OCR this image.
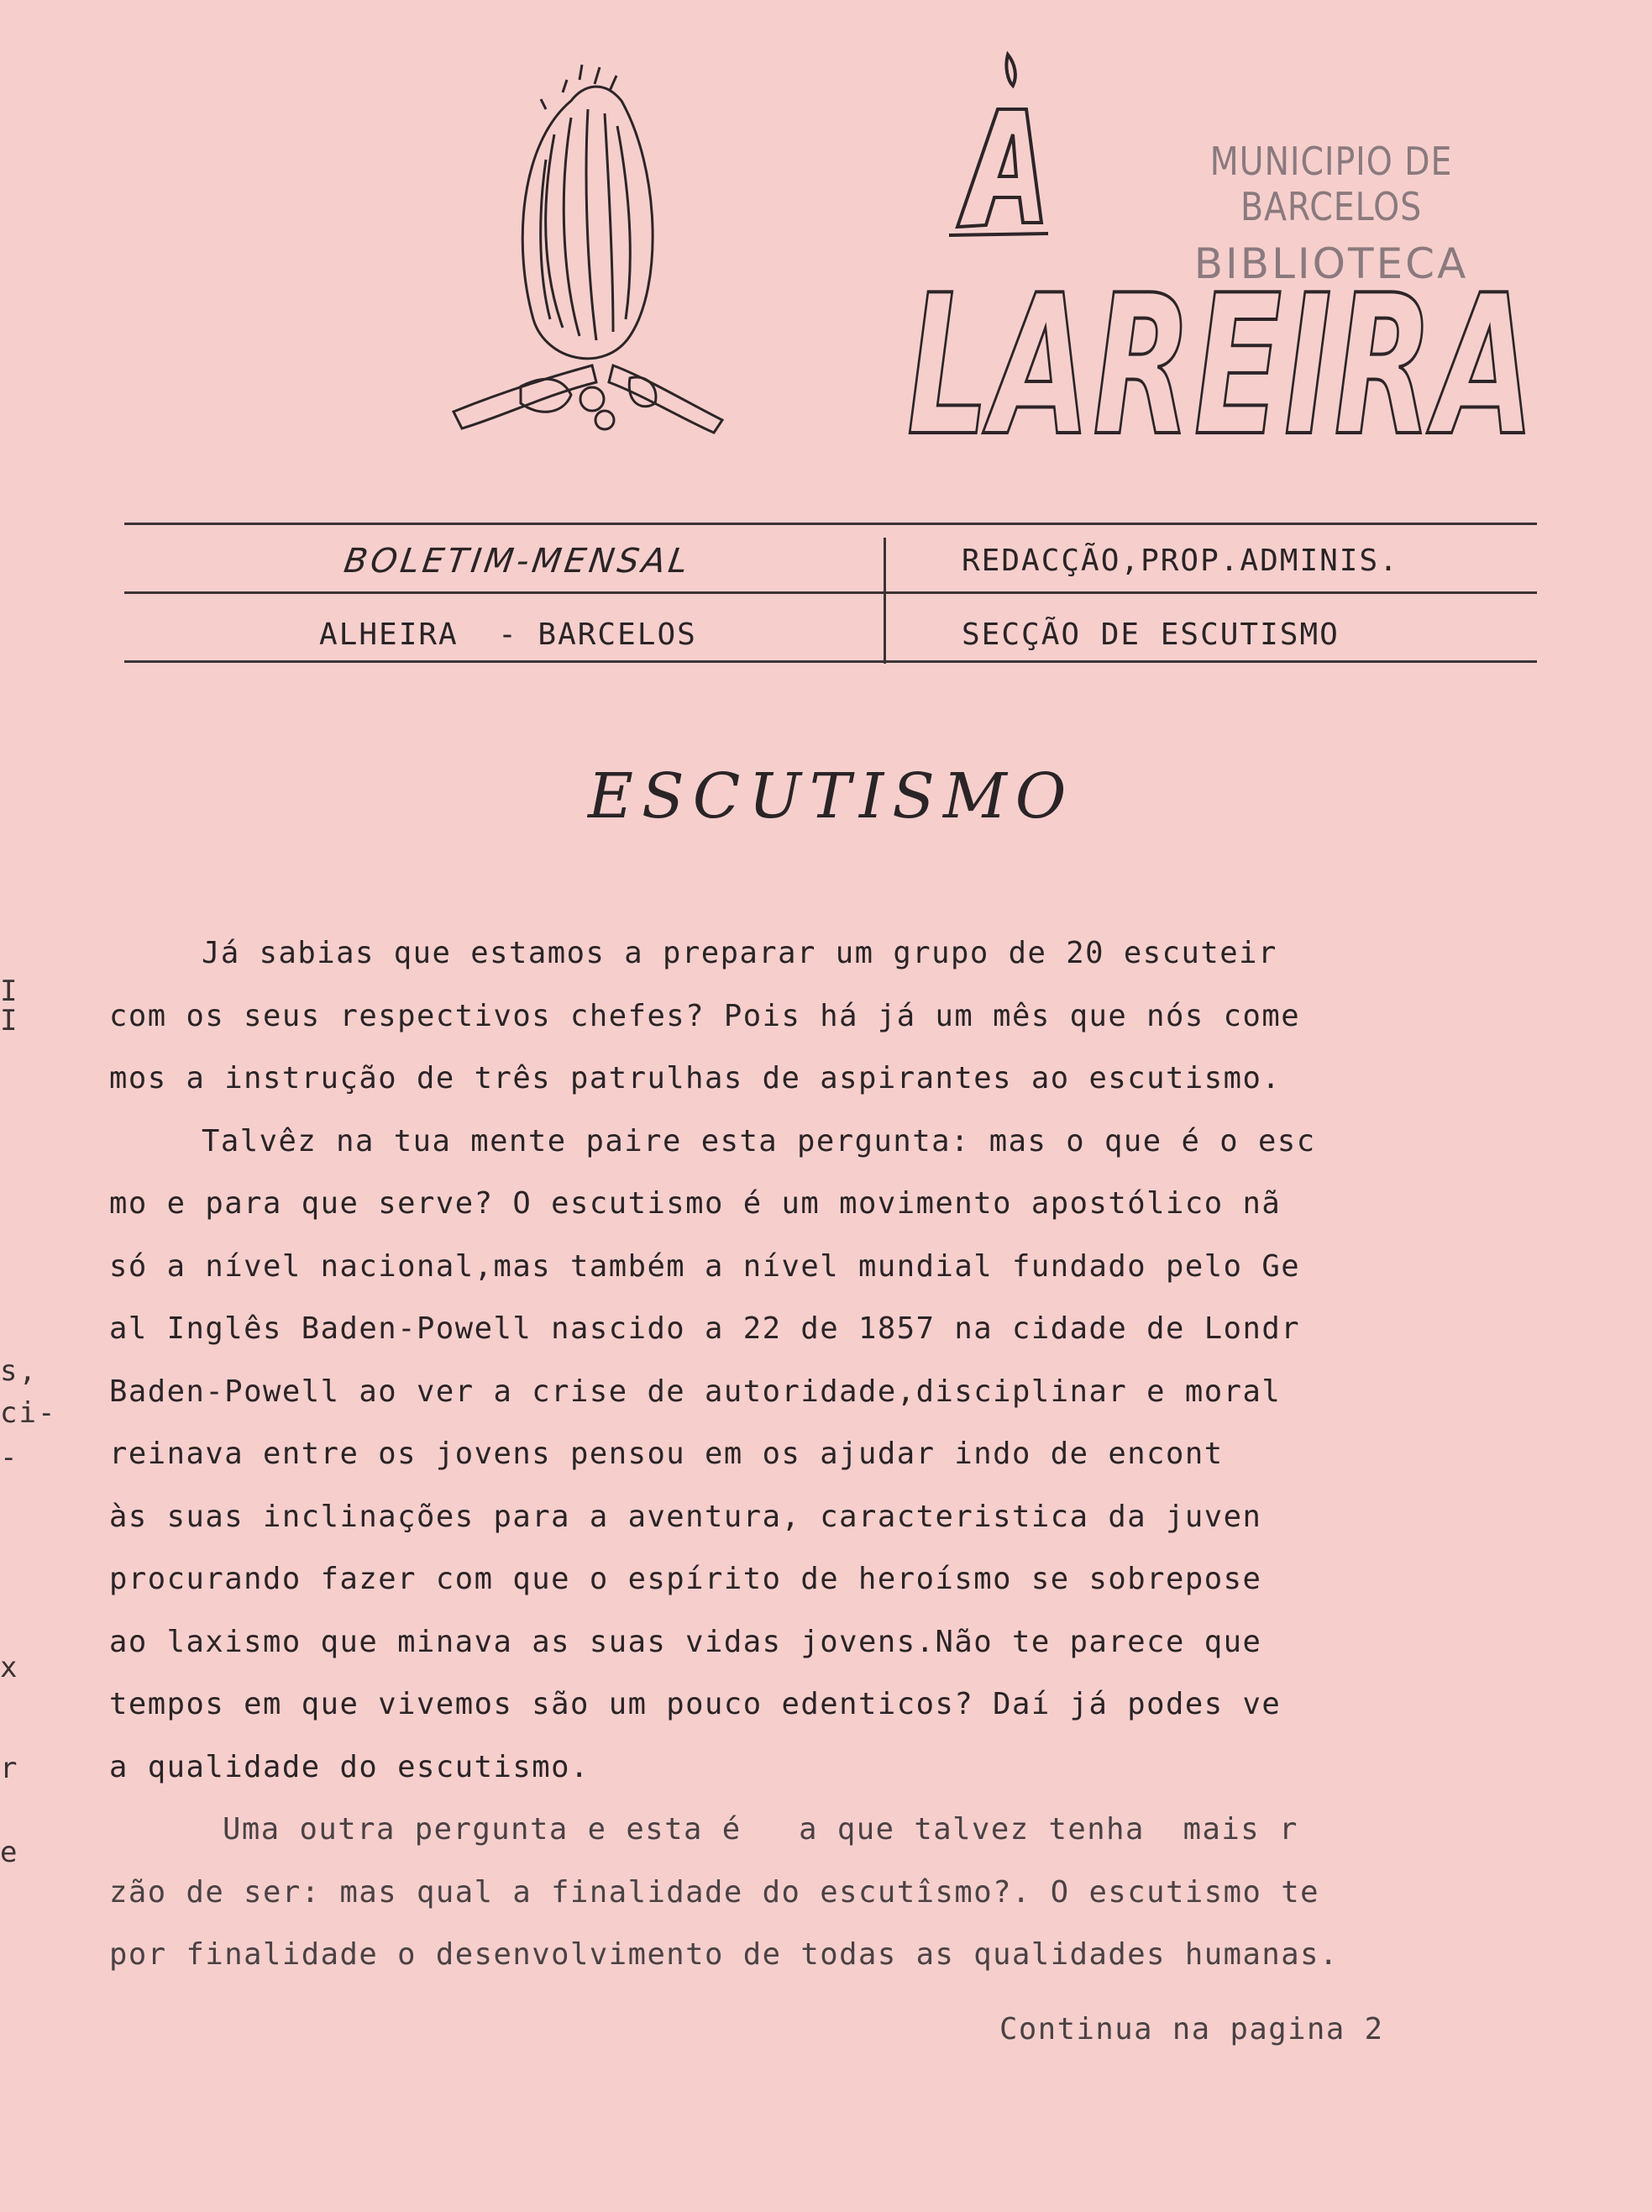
I
I
s,
ci-
-
x
r
e
LAREIRA
MUNICIPIO DE BARCELOS
BIBLIOTECA
BOLETIM-MENSAL	REDACÇÃO,PROP.ADMINIS.
ALHEIRA  - BARCELOS	SECÇÃO DE ESCUTISMO
ESCUTISMO
Já sabias que estamos a preparar um grupo de 20 escuteir
com os seus respectivos chefes? Pois há já um mês que nós come
mos a instrução de três patrulhas de aspirantes ao escutismo.
Talvêz na tua mente paire esta pergunta: mas o que é o esc
mo e para que serve? O escutismo é um movimento apostólico nã
só a nível nacional,mas também a nível mundial fundado pelo Ge
al Inglês Baden-Powell nascido a 22 de 1857 na cidade de Londr
Baden-Powell ao ver a crise de autoridade,disciplinar e moral
reinava entre os jovens pensou em os ajudar indo de encont
às suas inclinações para a aventura, caracteristica da juven
procurando fazer com que o espírito de heroísmo se sobrepose
ao laxismo que minava as suas vidas jovens.Não te parece que
tempos em que vivemos são um pouco edenticos? Daí já podes ve
a qualidade do escutismo.
Uma outra pergunta e esta é   a que talvez tenha  mais r
zão de ser: mas qual a finalidade do escutîsmo?. O escutismo te
por finalidade o desenvolvimento de todas as qualidades humanas.
Continua na pagina 2
